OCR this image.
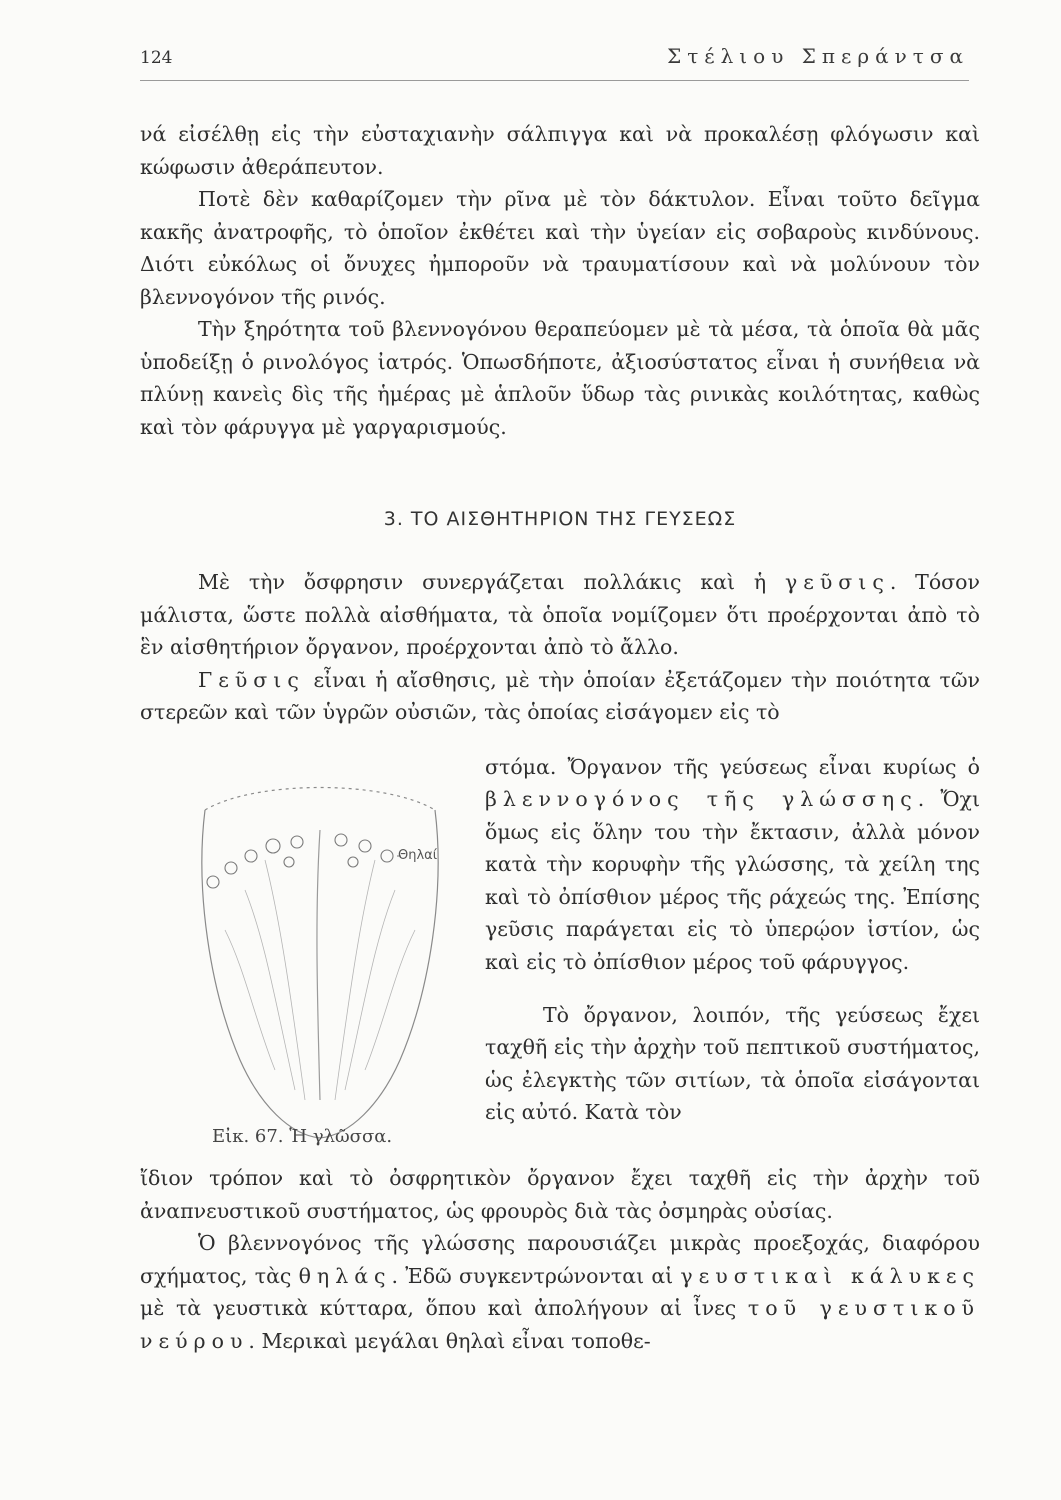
124	Στέλιου Σπεράντσα

νά εἰσέλθῃ εἰς τὴν εὐσταχιανὴν σάλπιγγα καὶ νὰ προκαλέσῃ φλόγωσιν καὶ κώφωσιν ἀθεράπευτον.

Ποτὲ δὲν καθαρίζομεν τὴν ρῖνα μὲ τὸν δάκτυλον. Εἶναι τοῦτο δεῖγμα κακῆς ἀνατροφῆς, τὸ ὁποῖον ἐκθέτει καὶ τὴν ὑγείαν εἰς σοβαροὺς κινδύνους. Διότι εὐκόλως οἱ ὄνυχες ἠμποροῦν νὰ τραυματίσουν καὶ νὰ μολύνουν τὸν βλεννογόνον τῆς ρινός.

Τὴν ξηρότητα τοῦ βλεννογόνου θεραπεύομεν μὲ τὰ μέσα, τὰ ὁποῖα θὰ μᾶς ὑποδείξῃ ὁ ρινολόγος ἰατρός. Ὁπωσδήποτε, ἀξιοσύστατος εἶναι ἡ συνήθεια νὰ πλύνῃ κανεὶς δὶς τῆς ἡμέρας μὲ ἁπλοῦν ὕδωρ τὰς ρινικὰς κοιλότητας, καθὼς καὶ τὸν φάρυγγα μὲ γαργαρισμούς.

3. ΤΟ ΑΙΣΘΗΤΗΡΙΟΝ ΤΗΣ ΓΕΥΣΕΩΣ

Μὲ τὴν ὄσφρησιν συνεργάζεται πολλάκις καὶ ἡ γεῦσις. Τόσον μάλιστα, ὥστε πολλὰ αἰσθήματα, τὰ ὁποῖα νομίζομεν ὅτι προέρχονται ἀπὸ τὸ ἓν αἰσθητήριον ὄργανον, προέρχονται ἀπὸ τὸ ἄλλο.

Γεῦσις εἶναι ἡ αἴσθησις, μὲ τὴν ὁποίαν ἐξετάζομεν τὴν ποιότητα τῶν στερεῶν καὶ τῶν ὑγρῶν οὐσιῶν, τὰς ὁποίας εἰσάγομεν εἰς τὸ

Θηλαί
Εἰκ. 67. Ἡ γλῶσσα.

στόμα. Ὄργανον τῆς γεύσεως εἶναι κυρίως ὁ βλεννογόνος τῆς γλώσσης. Ὄχι ὅμως εἰς ὅλην του τὴν ἔκτασιν, ἀλλὰ μόνον κατὰ τὴν κορυφὴν τῆς γλώσσης, τὰ χείλη της καὶ τὸ ὀπίσθιον μέρος τῆς ράχεώς της. Ἐπίσης γεῦσις παράγεται εἰς τὸ ὑπερῴον ἱστίον, ὡς καὶ εἰς τὸ ὀπίσθιον μέρος τοῦ φάρυγγος.

Τὸ ὄργανον, λοιπόν, τῆς γεύσεως ἔχει ταχθῆ εἰς τὴν ἀρχὴν τοῦ πεπτικοῦ συστήματος, ὡς ἐλεγκτὴς τῶν σιτίων, τὰ ὁποῖα εἰσάγονται εἰς αὐτό. Κατὰ τὸν

ἴδιον τρόπον καὶ τὸ ὀσφρητικὸν ὄργανον ἔχει ταχθῆ εἰς τὴν ἀρχὴν τοῦ ἀναπνευστικοῦ συστήματος, ὡς φρουρὸς διὰ τὰς ὀσμηρὰς οὐσίας.

Ὁ βλεννογόνος τῆς γλώσσης παρουσιάζει μικρὰς προεξοχάς, διαφόρου σχήματος, τὰς θηλάς. Ἐδῶ συγκεντρώνονται αἱ γευστικαὶ κάλυκες μὲ τὰ γευστικὰ κύτταρα, ὅπου καὶ ἀπολήγουν αἱ ἶνες τοῦ γευστικοῦ νεύρου. Μερικαὶ μεγάλαι θηλαὶ εἶναι τοποθε-
